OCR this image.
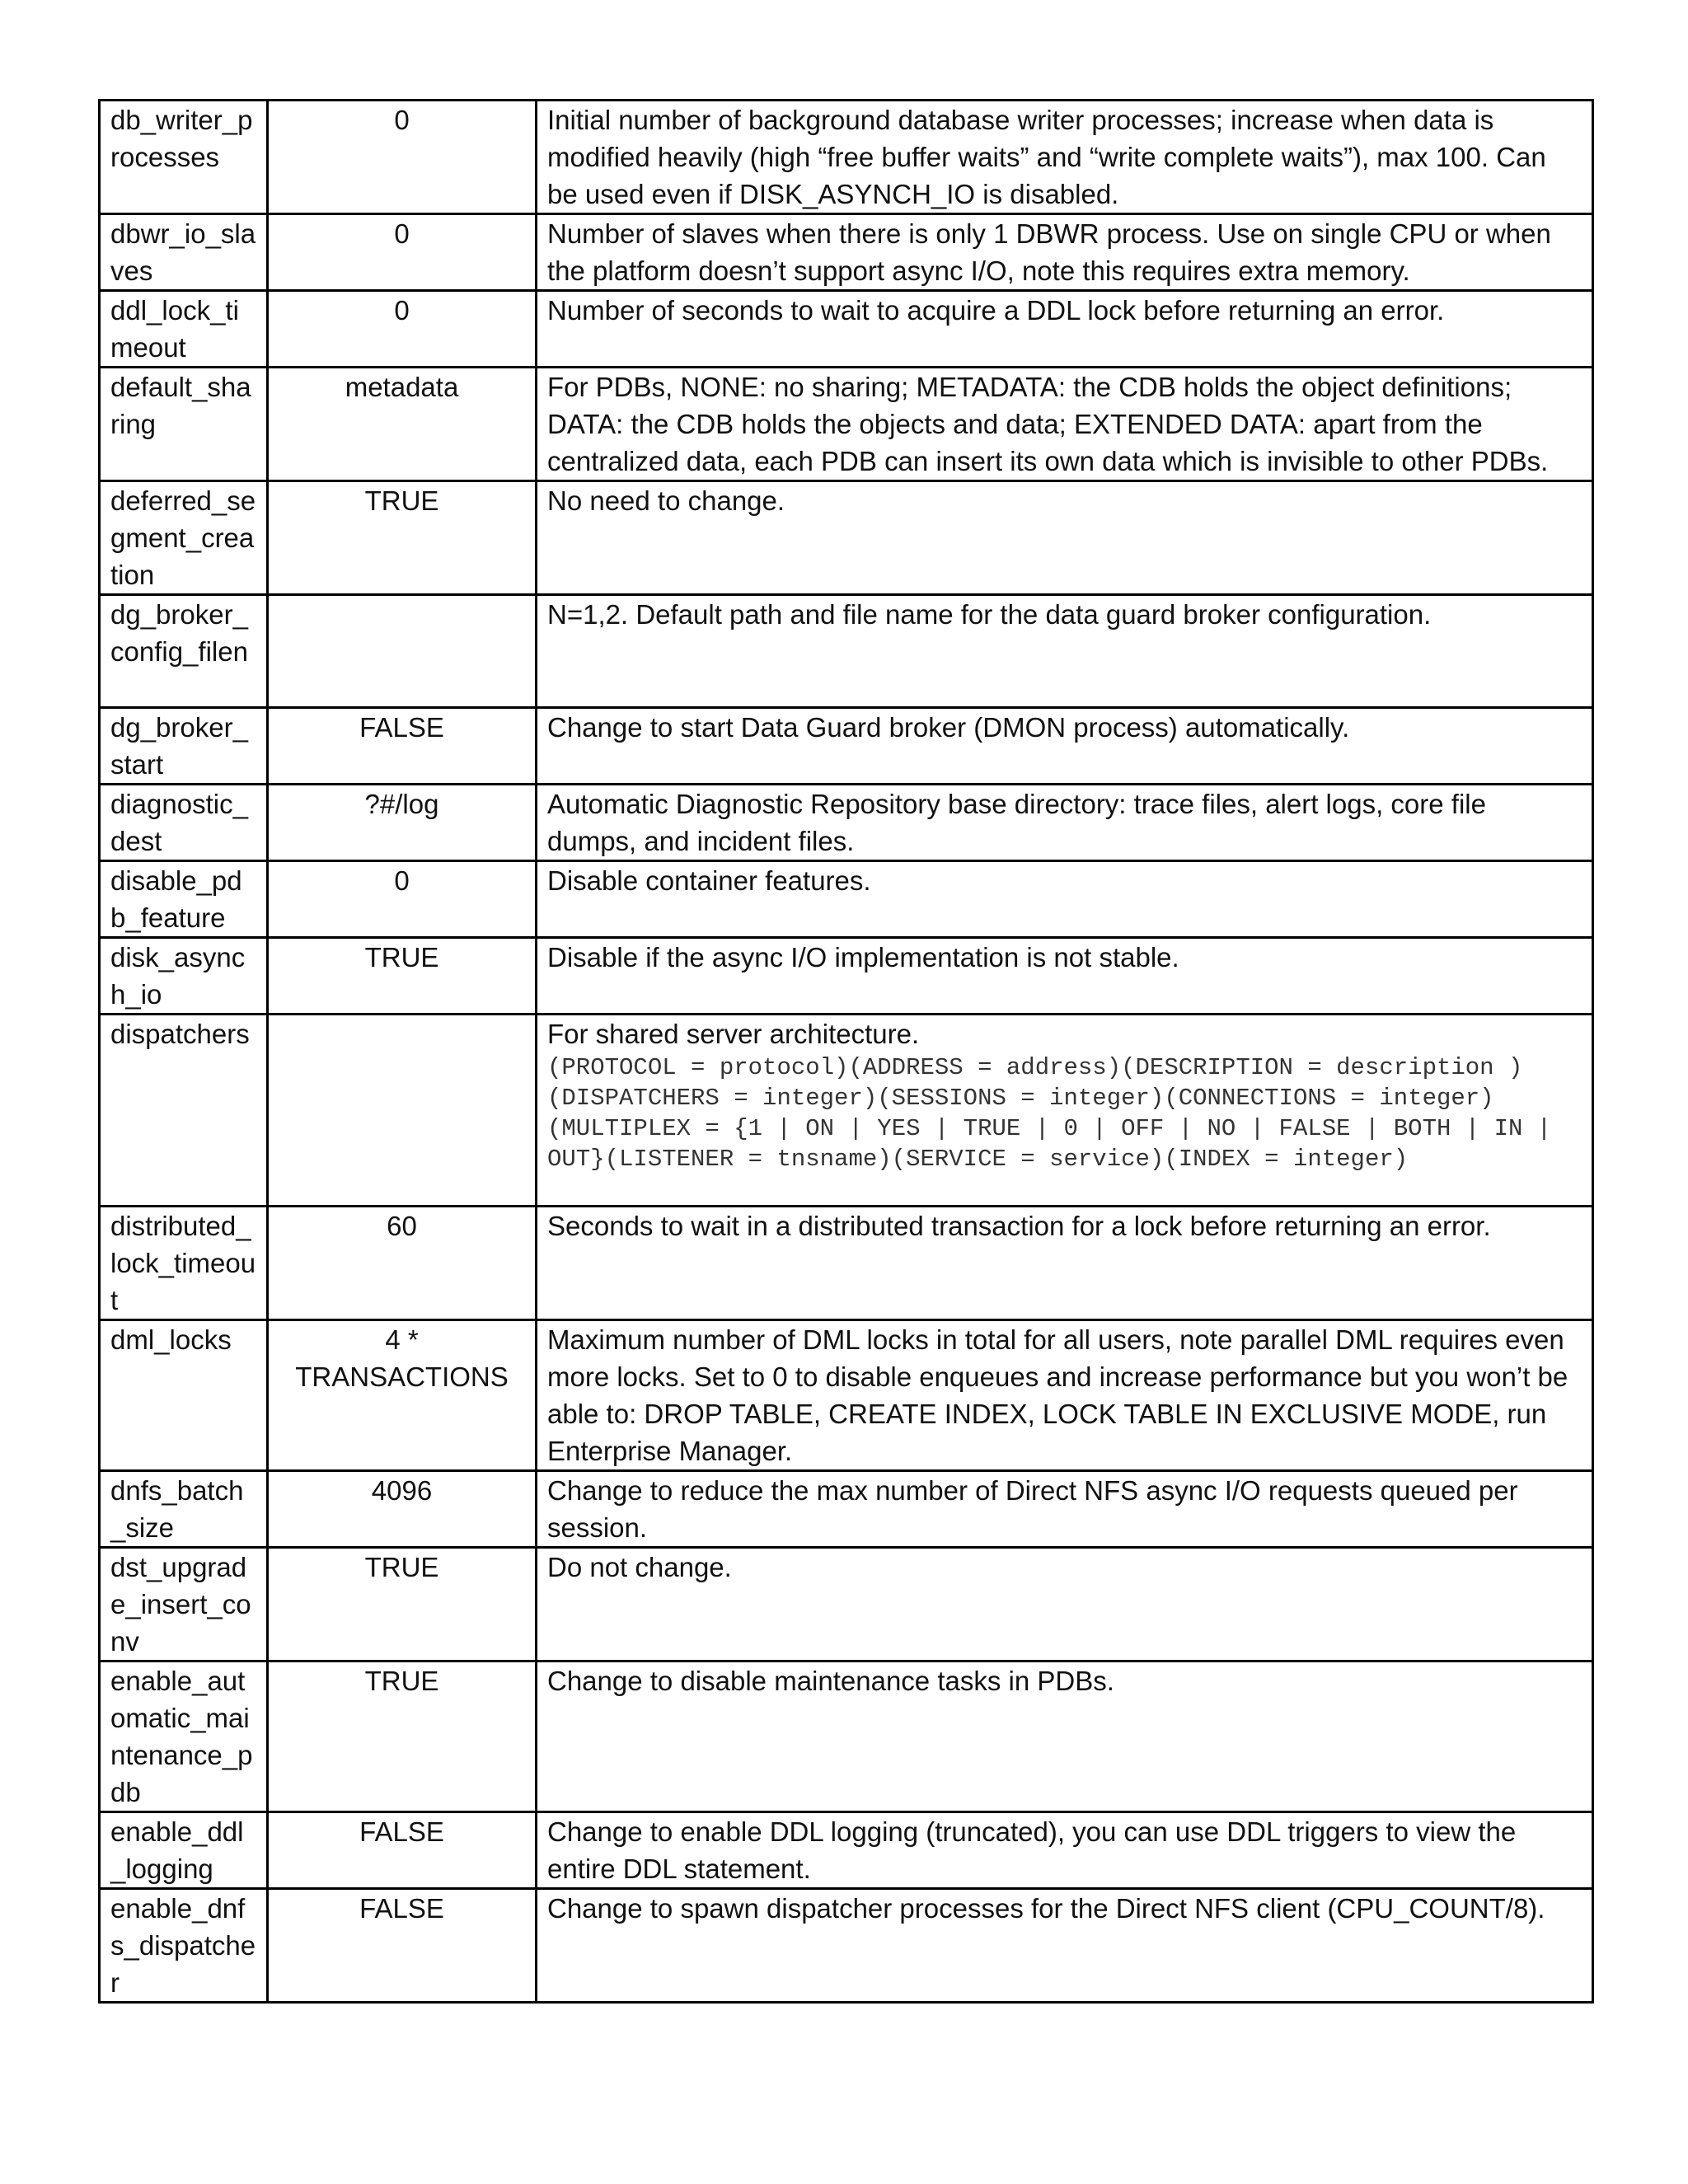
db_writer_processes	0	Initial number of background database writer processes; increase when data is modified heavily (high “free buffer waits” and “write complete waits”), max 100. Can be used even if DISK_ASYNCH_IO is disabled.
dbwr_io_slaves	0	Number of slaves when there is only 1 DBWR process. Use on single CPU or when the platform doesn’t support async I/O, note this requires extra memory.
ddl_lock_timeout	0	Number of seconds to wait to acquire a DDL lock before returning an error.
default_sharing	metadata	For PDBs, NONE: no sharing; METADATA: the CDB holds the object definitions; DATA: the CDB holds the objects and data; EXTENDED DATA: apart from the centralized data, each PDB can insert its own data which is invisible to other PDBs.
deferred_segment_creation	TRUE	No need to change.
dg_broker_config_filen		N=1,2. Default path and file name for the data guard broker configuration.
dg_broker_start	FALSE	Change to start Data Guard broker (DMON process) automatically.
diagnostic_dest	?#/log	Automatic Diagnostic Repository base directory: trace files, alert logs, core file dumps, and incident files.
disable_pdb_feature	0	Disable container features.
disk_asynch_io	TRUE	Disable if the async I/O implementation is not stable.
dispatchers		For shared server architecture.
(PROTOCOL = protocol)(ADDRESS = address)(DESCRIPTION = description )(DISPATCHERS = integer)(SESSIONS = integer)(CONNECTIONS = integer)(MULTIPLEX = {1 | ON | YES | TRUE | 0 | OFF | NO | FALSE | BOTH | IN | OUT}(LISTENER = tnsname)(SERVICE = service)(INDEX = integer)

distributed_lock_timeout	60	Seconds to wait in a distributed transaction for a lock before returning an error.
dml_locks	4 * TRANSACTIONS	Maximum number of DML locks in total for all users, note parallel DML requires even more locks. Set to 0 to disable enqueues and increase performance but you won’t be able to: DROP TABLE, CREATE INDEX, LOCK TABLE IN EXCLUSIVE MODE, run Enterprise Manager.
dnfs_batch_size	4096	Change to reduce the max number of Direct NFS async I/O requests queued per session.
dst_upgrade_insert_conv	TRUE	Do not change.
enable_automatic_maintenance_pdb	TRUE	Change to disable maintenance tasks in PDBs.
enable_ddl_logging	FALSE	Change to enable DDL logging (truncated), you can use DDL triggers to view the entire DDL statement.
enable_dnfs_dispatcher	FALSE	Change to spawn dispatcher processes for the Direct NFS client (CPU_COUNT/8).
